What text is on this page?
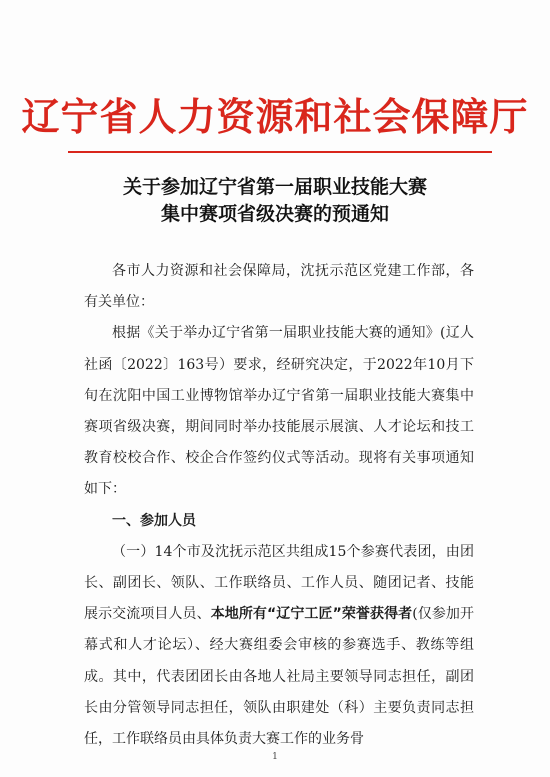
辽宁省人力资源和社会保障厅
关于参加辽宁省第一届职业技能大赛
集中赛项省级决赛的预通知

各市人力资源和社会保障局，沈抚示范区党建工作部，各有关单位：

根据《关于举办辽宁省第一届职业技能大赛的通知》(辽人社函〔2022〕163号）要求，经研究决定，于2022年10月下旬在沈阳中国工业博物馆举办辽宁省第一届职业技能大赛集中赛项省级决赛，期间同时举办技能展示展演、人才论坛和技工教育校校合作、校企合作签约仪式等活动。现将有关事项通知如下：

一、参加人员

（一）14个市及沈抚示范区共组成15个参赛代表团，由团长、副团长、领队、工作联络员、工作人员、随团记者、技能展示交流项目人员、本地所有“辽宁工匠”荣誉获得者(仅参加开幕式和人才论坛）、经大赛组委会审核的参赛选手、教练等组成。其中，代表团团长由各地人社局主要领导同志担任，副团长由分管领导同志担任，领队由职建处（科）主要负责同志担任，工作联络员由具体负责大赛工作的业务骨

1
